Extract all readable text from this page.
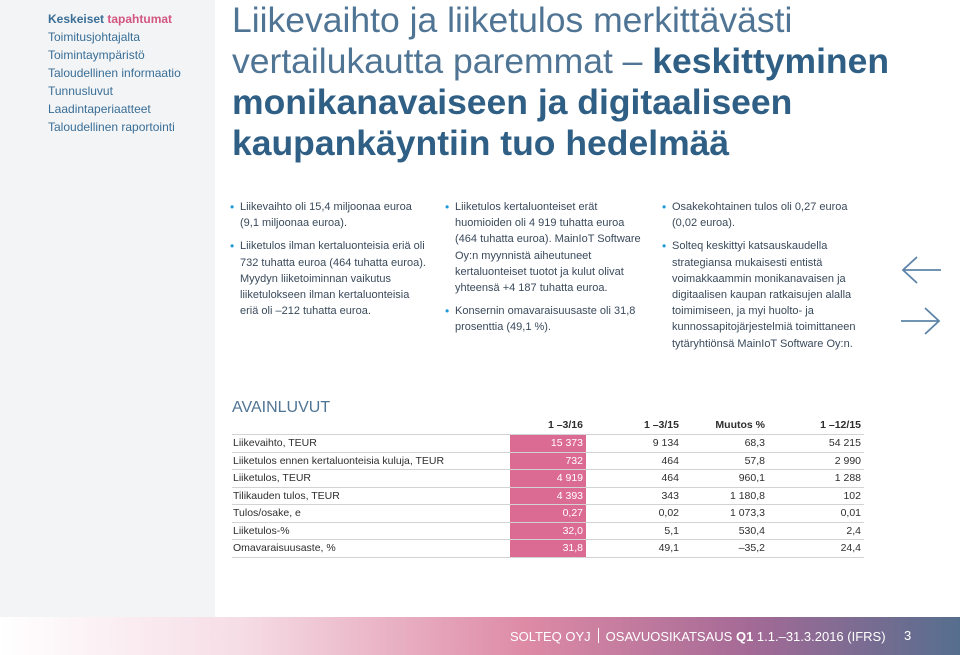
Keskeiset tapahtumat
Toimitusjohtajalta
Toimintaympäristö
Taloudellinen informaatio
Tunnusluvut
Laadintaperiaatteet
Taloudellinen raportointi
Liikevaihto ja liiketulos merkittävästi vertailukautta paremmat – keskittyminen monikanavaiseen ja digitaaliseen kaupankäyntiin tuo hedelmää
• Liikevaihto oli 15,4 miljoonaa euroa (9,1 miljoonaa euroa).
• Liiketulos ilman kertaluonteisia eriä oli 732 tuhatta euroa (464 tuhatta euroa). Myydyn liiketoiminnan vaikutus liiketulokseen ilman kertaluonteisia eriä oli –212 tuhatta euroa.
• Liiketulos kertaluonteiset erät huomioiden oli 4 919 tuhatta euroa (464 tuhatta euroa). MainIoT Software Oy:n myynnistä aiheutuneet kertaluonteiset tuotot ja kulut olivat yhteensä +4 187 tuhatta euroa.
• Konsernin omavaraisuusaste oli 31,8 prosenttia (49,1 %).
• Osakekohtainen tulos oli 0,27 euroa (0,02 euroa).
• Solteq keskittyi katsauskaudella strategiansa mukaisesti entistä voimakkaammin monikanavaisen ja digitaalisen kaupan ratkaisujen alalla toimimiseen, ja myi huolto- ja kunnossapitojärjestelmiä toimittaneen tytäryhtiönsä MainIoT Software Oy:n.
AVAINLUVUT
	1 –3/16	1 –3/15	Muutos %	1 –12/15
Liikevaihto, TEUR	15 373	9 134	68,3	54 215
Liiketulos ennen kertaluonteisia kuluja, TEUR	732	464	57,8	2 990
Liiketulos, TEUR	4 919	464	960,1	1 288
Tilikauden tulos, TEUR	4 393	343	1 180,8	102
Tulos/osake, e	0,27	0,02	1 073,3	0,01
Liiketulos-%	32,0	5,1	530,4	2,4
Omavaraisuusaste, %	31,8	49,1	–35,2	24,4
SOLTEQ OYJ OSAVUOSIKATSAUS Q1 1.1.–31.3.2016 (IFRS) 3
